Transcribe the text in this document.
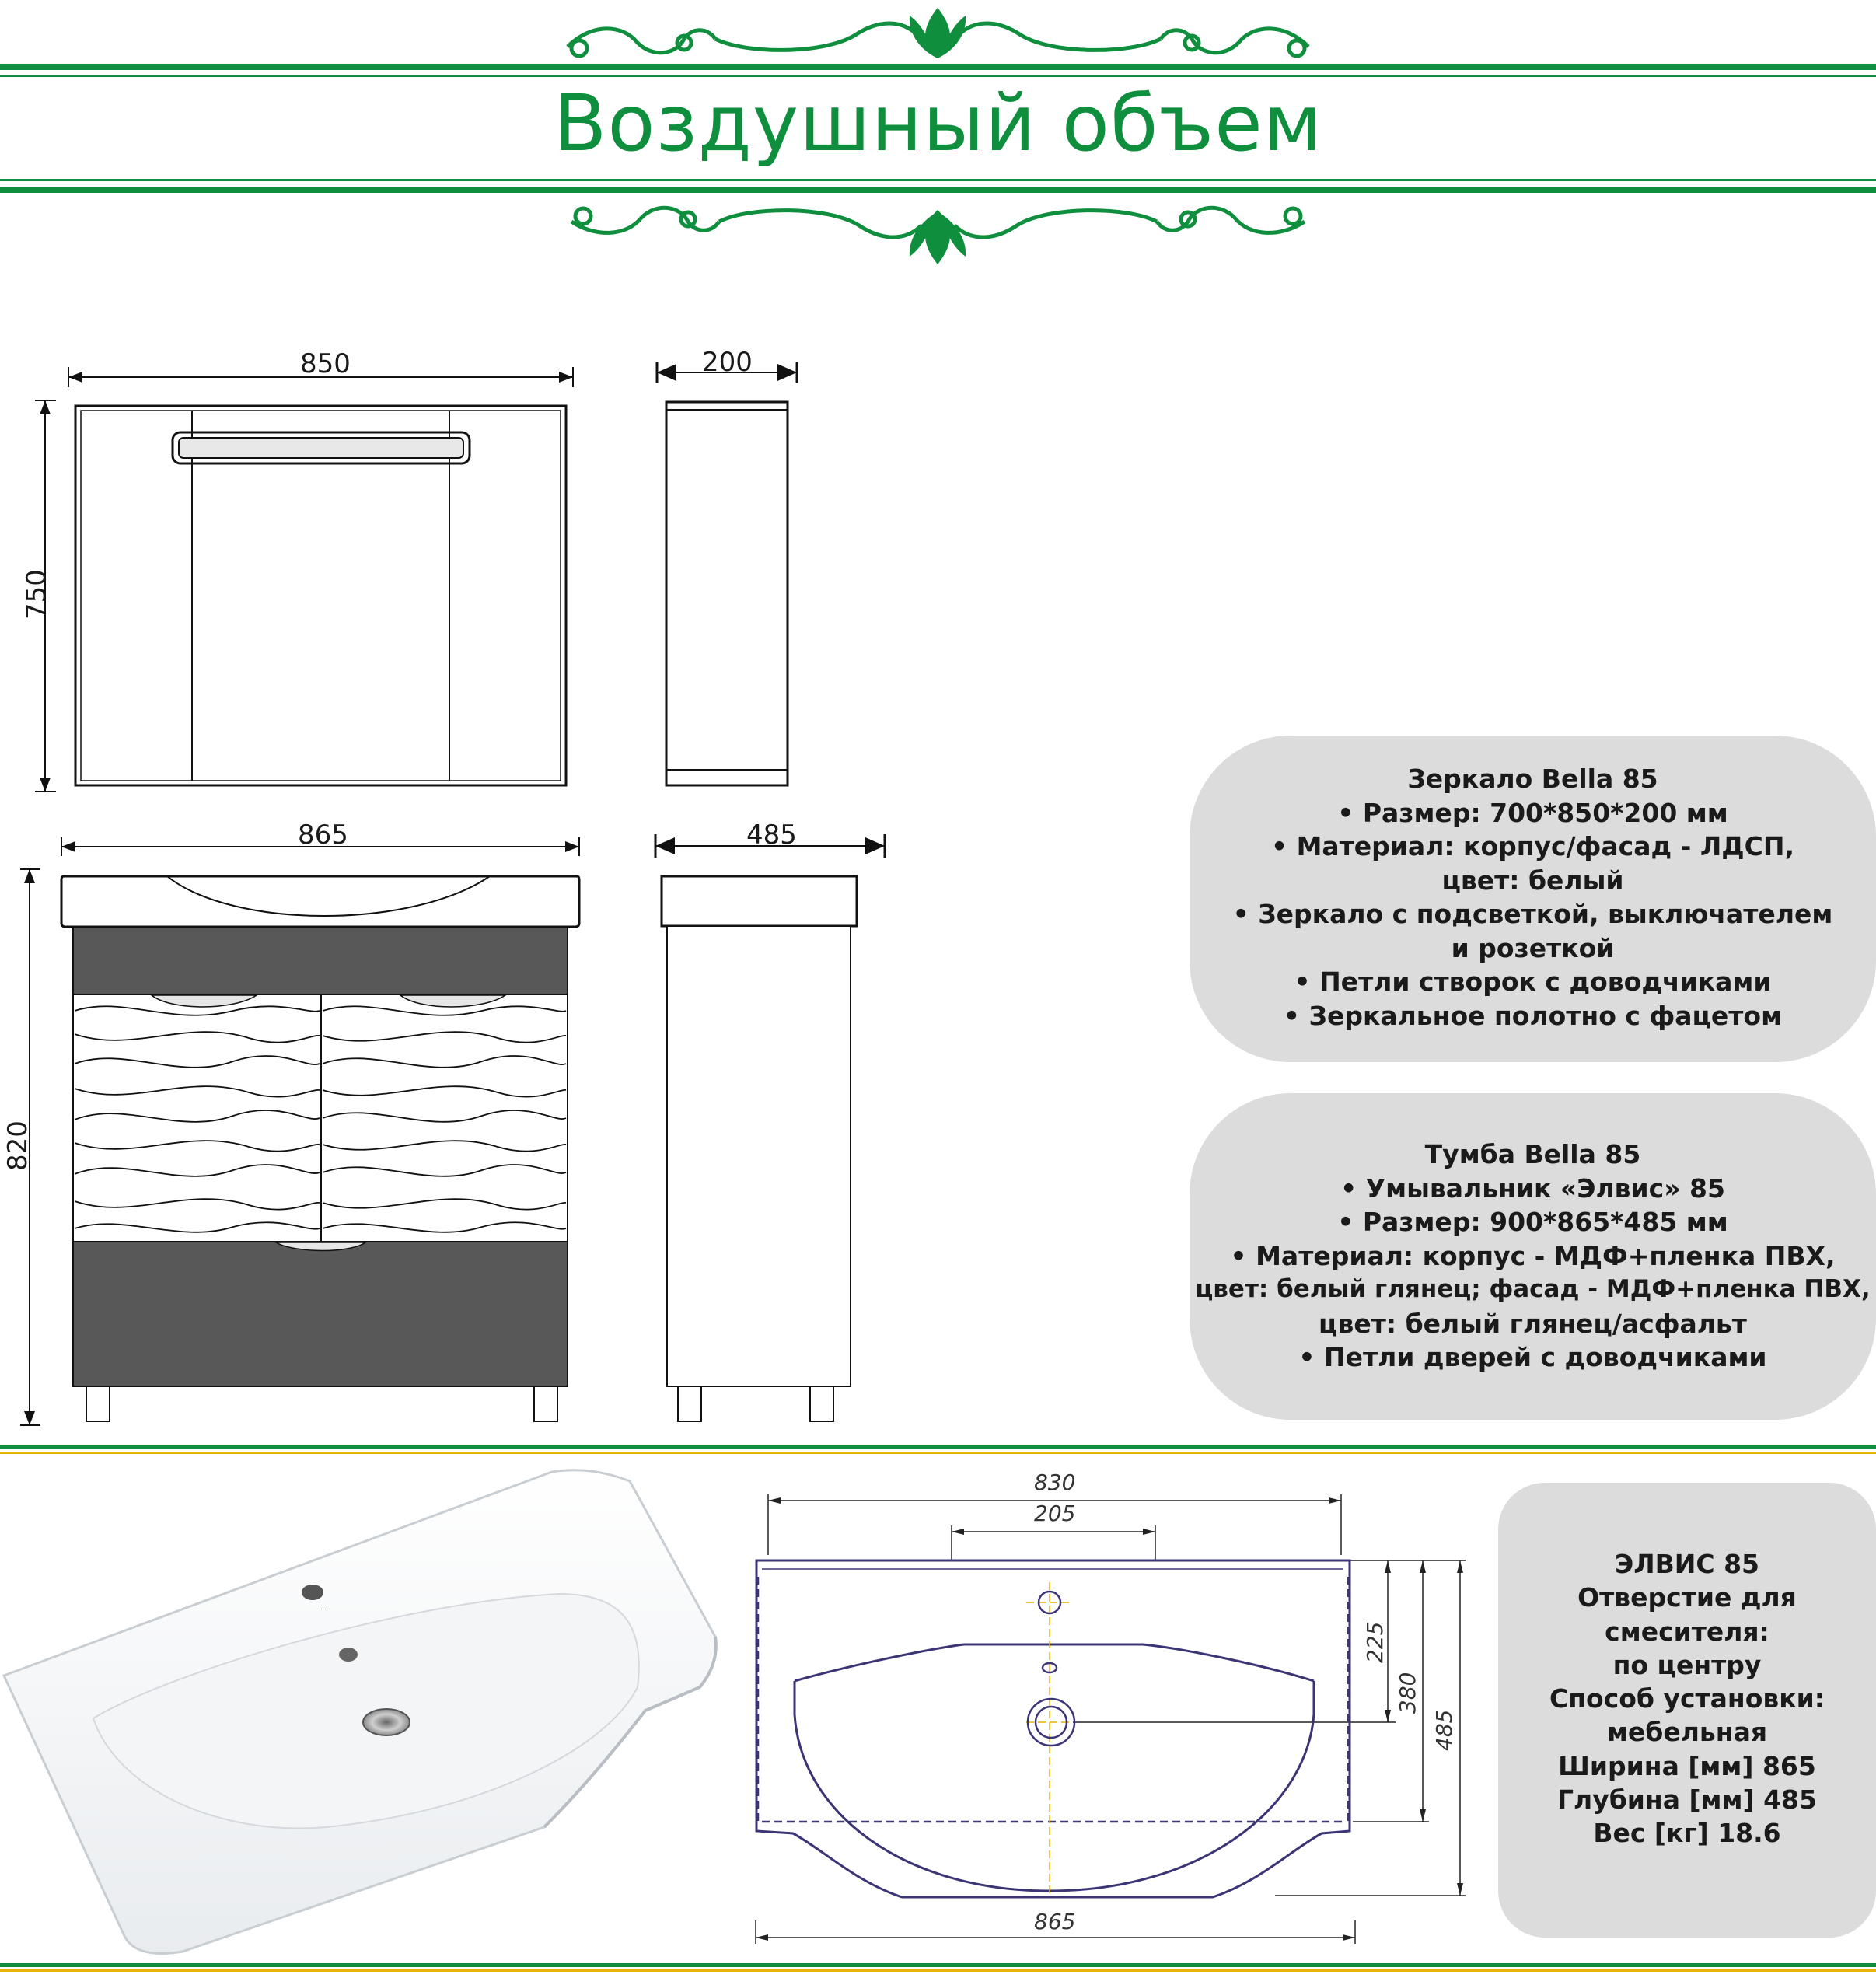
Воздушный объем
850	200
750
865	485
820
Зеркало Bella 85
• Размер: 700*850*200 мм
• Материал: корпус/фасад - ЛДСП,
цвет: белый
• Зеркало с подсветкой, выключателем
и розеткой
• Петли створок с доводчиками
• Зеркальное полотно с фацетом
Тумба Bella 85
• Умывальник «Элвис» 85
• Размер: 900*865*485 мм
• Материал: корпус - МДФ+пленка ПВХ,
цвет: белый глянец; фасад - МДФ+пленка ПВХ,
цвет: белый глянец/асфальт
• Петли дверей с доводчиками
…
830
205
865
225
380
485
ЭЛВИС 85
Отверстие для
смесителя:
по центру
Способ установки:
мебельная
Ширина [мм] 865
Глубина [мм] 485
Вес [кг] 18.6
